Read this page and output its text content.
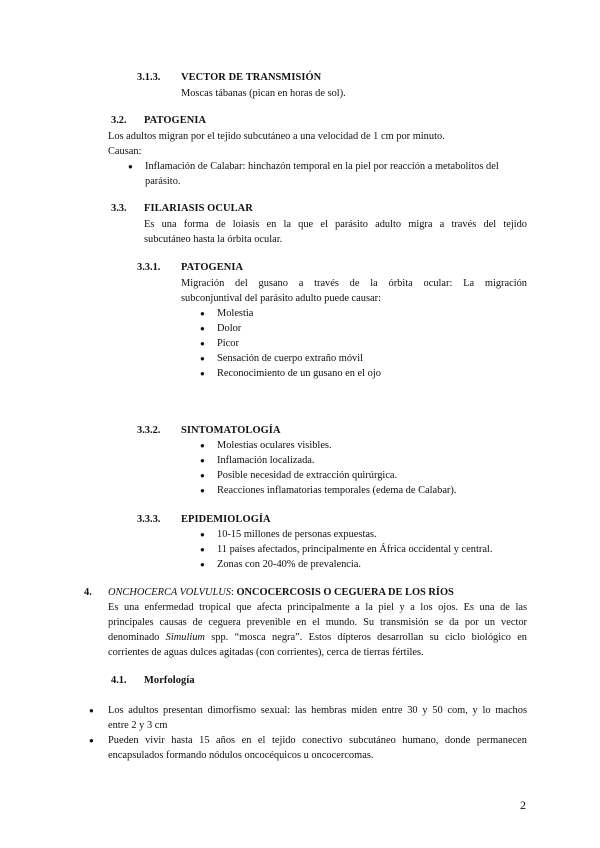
3.1.3. VECTOR DE TRANSMISIÓN
Moscas tábanas (pican en horas de sol).
3.2. PATOGENIA
Los adultos migran por el tejido subcutáneo a una velocidad de 1 cm por minuto.
Causan:
● Inflamación de Calabar: hinchazón temporal en la piel por reacción a metabolitos del
parásito.
3.3. FILARIASIS OCULAR
Es una forma de loiasis en la que el parásito adulto migra a través del tejido
subcutáneo hasta la órbita ocular.
3.3.1. PATOGENIA
Migración del gusano a través de la órbita ocular: La migración
subconjuntival del parásito adulto puede causar:
● Molestia
● Dolor
● Picor
● Sensación de cuerpo extraño móvil
● Reconocimiento de un gusano en el ojo
3.3.2. SINTOMATOLOGÍA
● Molestias oculares visibles.
● Inflamación localizada.
● Posible necesidad de extracción quirúrgica.
● Reacciones inflamatorias temporales (edema de Calabar).
3.3.3. EPIDEMIOLOGÍA
● 10-15 millones de personas expuestas.
● 11 países afectados, principalmente en África occidental y central.
● Zonas con 20-40% de prevalencia.
4. ONCHOCERCA VOLVULUS: ONCOCERCOSIS O CEGUERA DE LOS RÍOS
Es una enfermedad tropical que afecta principalmente a la piel y a los ojos. Es una de las
principales causas de ceguera prevenible en el mundo. Su transmisión se da por un vector
denominado Simulium spp. “mosca negra”. Estos dípteros desarrollan su ciclo biológico en
corrientes de aguas dulces agitadas (con corrientes), cerca de tierras fértiles.
4.1. Morfología
● Los adultos presentan dimorfismo sexual: las hembras miden entre 30 y 50 com, y lo machos
entre 2 y 3 cm
● Pueden vivir hasta 15 años en el tejido conectivo subcutáneo humano, donde permanecen
encapsulados formando nódulos oncocéquicos u oncocercomas.
2
